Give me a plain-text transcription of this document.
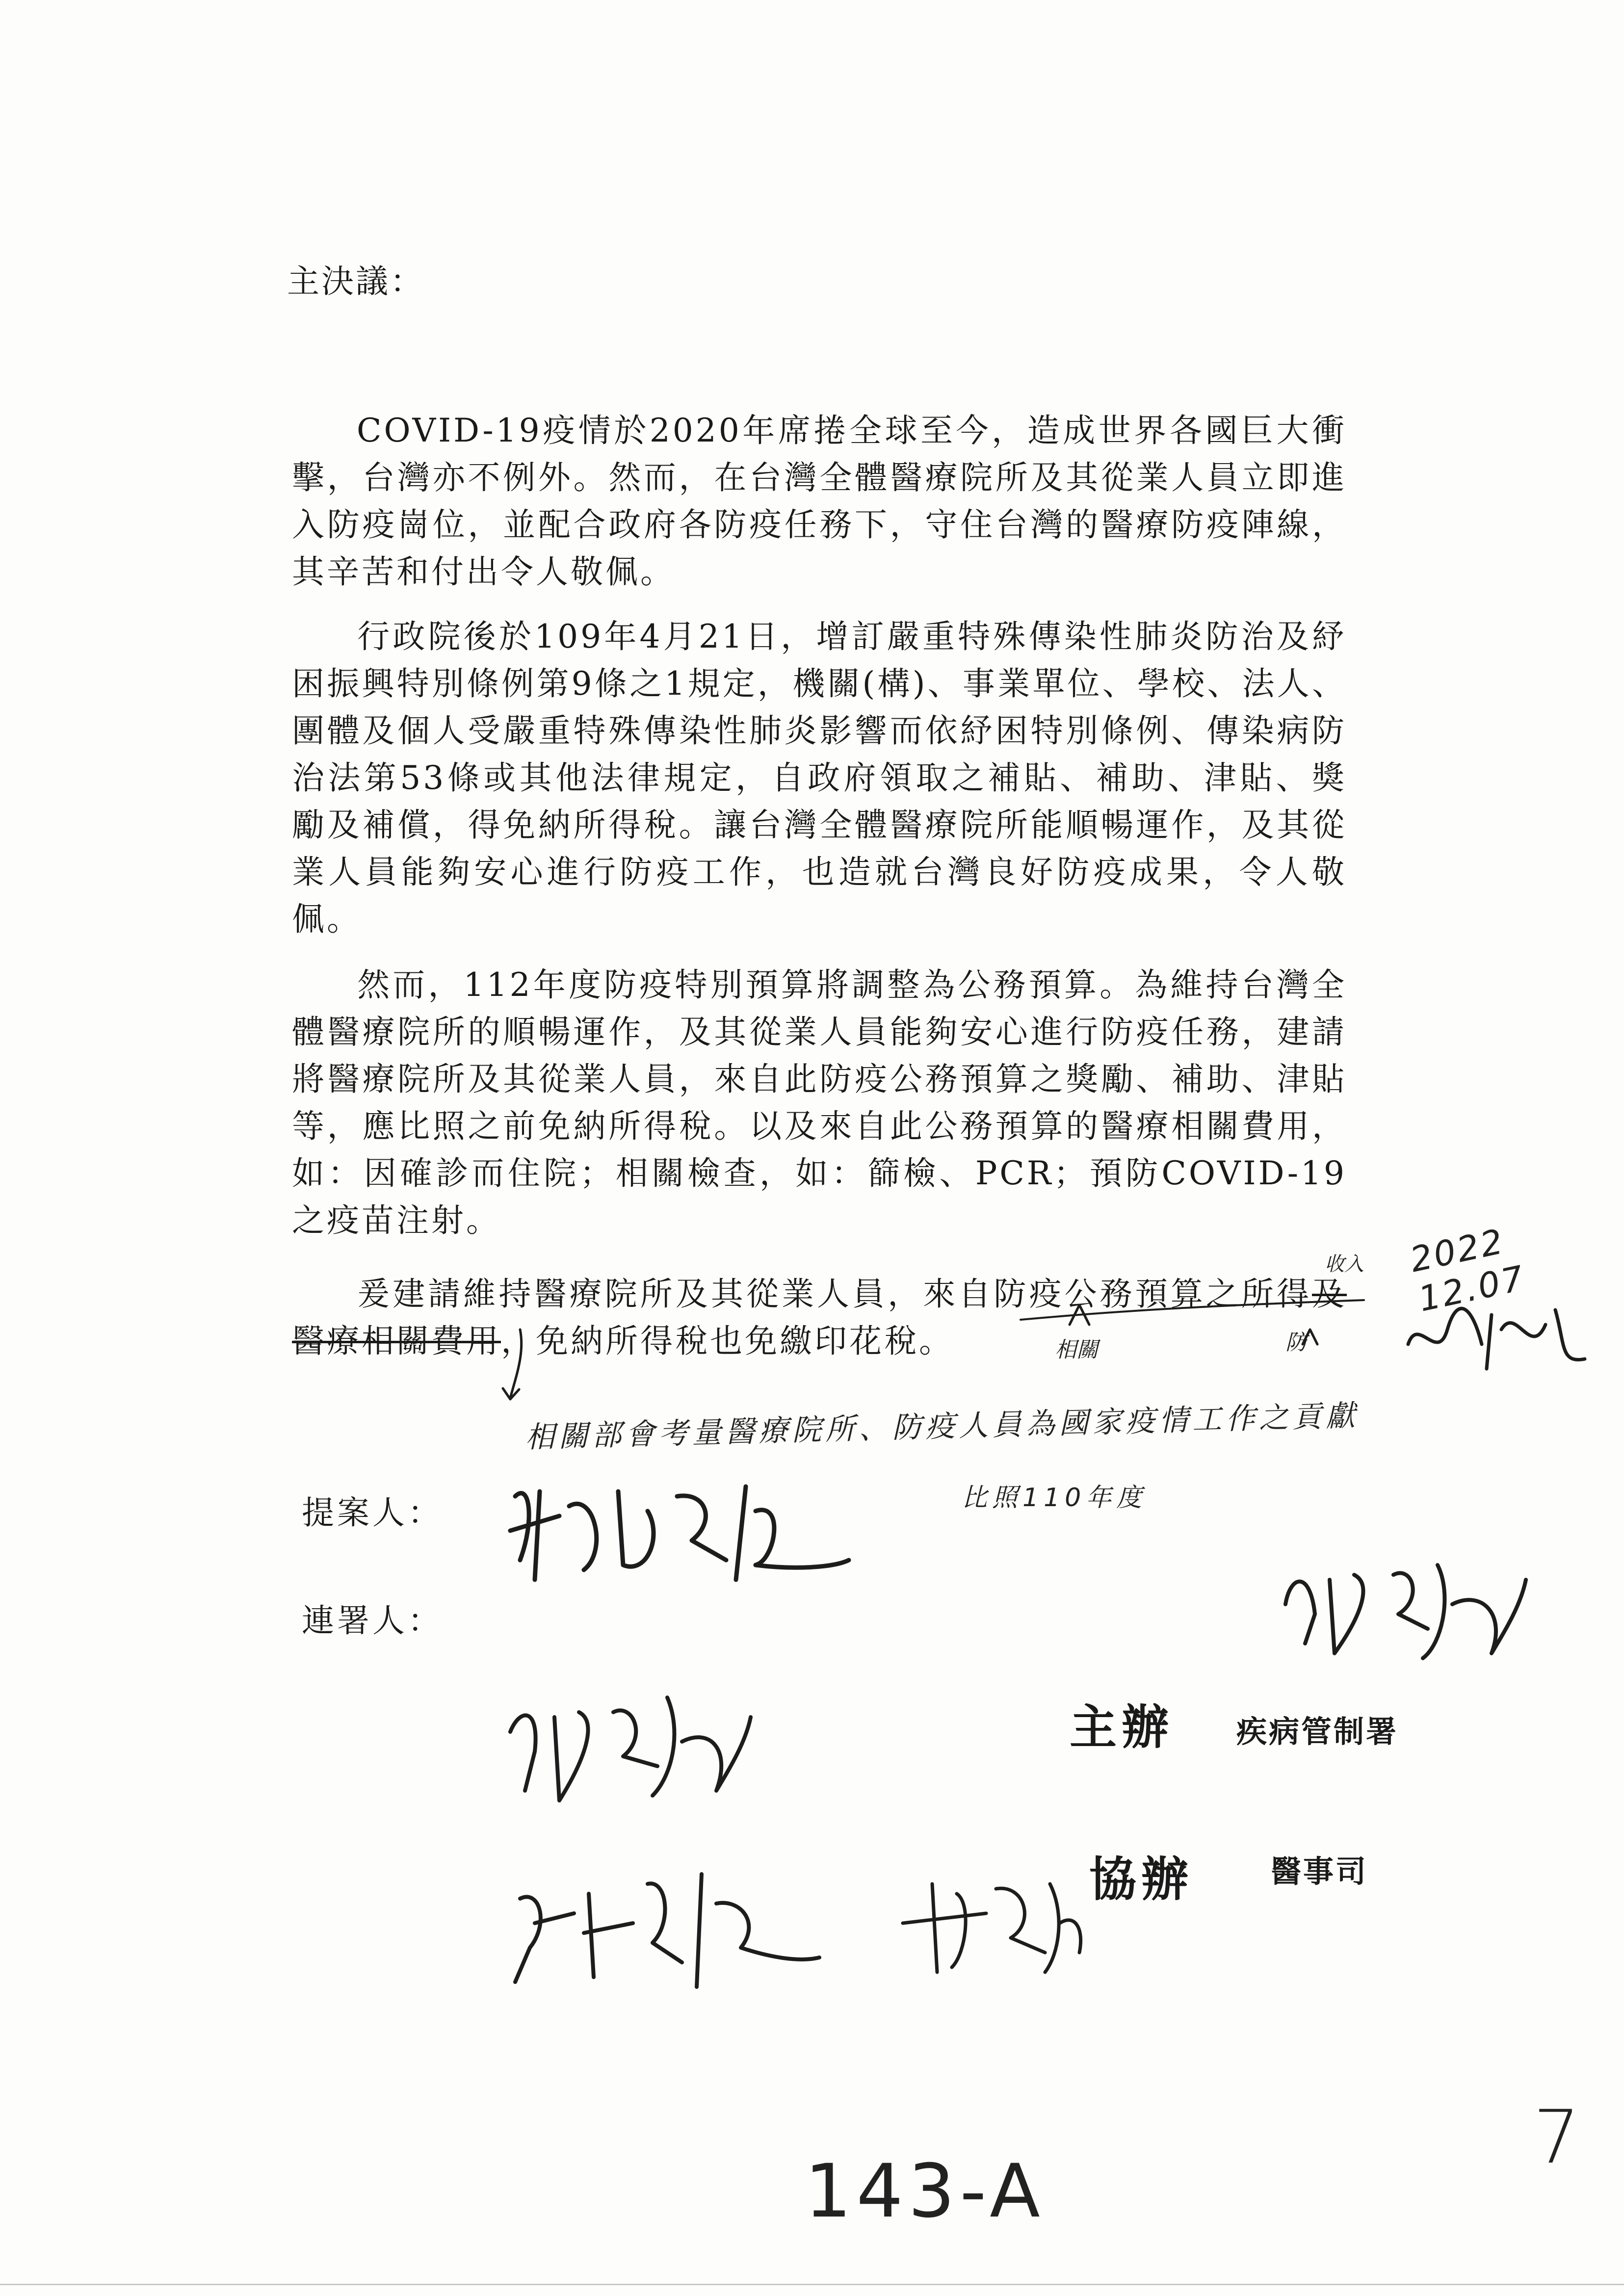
主決議：

COVID-19疫情於2020年席捲全球至今，造成世界各國巨大衝擊，台灣亦不例外。然而，在台灣全體醫療院所及其從業人員立即進入防疫崗位，並配合政府各防疫任務下，守住台灣的醫療防疫陣線，其辛苦和付出令人敬佩。

行政院後於109年4月21日，增訂嚴重特殊傳染性肺炎防治及紓困振興特別條例第9條之1規定，機關(構)、事業單位、學校、法人、團體及個人受嚴重特殊傳染性肺炎影響而依紓困特別條例、傳染病防治法第53條或其他法律規定，自政府領取之補貼、補助、津貼、獎勵及補償，得免納所得稅。讓台灣全體醫療院所能順暢運作，及其從業人員能夠安心進行防疫工作，也造就台灣良好防疫成果，令人敬佩。

然而，112年度防疫特別預算將調整為公務預算。為維持台灣全體醫療院所的順暢運作，及其從業人員能夠安心進行防疫任務，建請將醫療院所及其從業人員，來自此防疫公務預算之獎勵、補助、津貼等，應比照之前免納所得稅。以及來自此公務預算的醫療相關費用，如：因確診而住院；相關檢查，如：篩檢、PCR；預防COVID-19之疫苗注射。

爰建請維持醫療院所及其從業人員，來自防疫公務預算之所得及醫療相關費用，免納所得稅也免繳印花稅。

收入
相關	防
2022 12.07
相關部會考量醫療院所、防疫人員為國家疫情工作之貢獻
比照110年度
提案人：
連署人：
主辦 疾病管制署
協辦	醫事司
143-A
7
